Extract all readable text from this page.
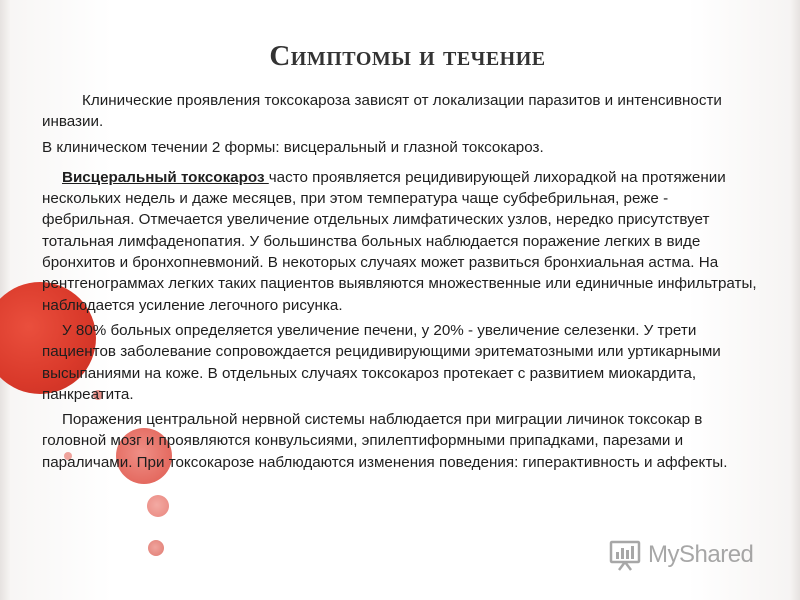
Симптомы и течение

Клинические проявления токсокароза зависят от локализации паразитов и интенсивности инвазии.

В клиническом течении 2 формы: висцеральный и глазной токсокароз.

Висцеральный токсокароз часто проявляется рецидивирующей лихорадкой на протяжении нескольких недель и даже месяцев, при этом температура чаще субфебрильная, реже - фебрильная. Отмечается увеличение отдельных лимфатических узлов, нередко присутствует тотальная лимфаденопатия. У большинства больных наблюдается поражение легких в виде бронхитов и бронхопневмоний. В некоторых случаях может развиться бронхиальная астма. На рентгенограммах легких таких пациентов выявляются множественные или единичные инфильтраты, наблюдается усиление легочного рисунка.

У 80% больных определяется увеличение печени, у 20% - увеличение селезенки. У трети пациентов заболевание сопровождается рецидивирующими эритематозными или уртикарными высыпаниями на коже. В отдельных случаях токсокароз протекает с развитием миокардита, панкреатита.

Поражения центральной нервной системы наблюдается при миграции личинок токсокар в головной мозг и проявляются конвульсиями, эпилептиформными припадками, парезами и параличами. При токсокарозе наблюдаются изменения поведения: гиперактивность и аффекты.

MyShared
